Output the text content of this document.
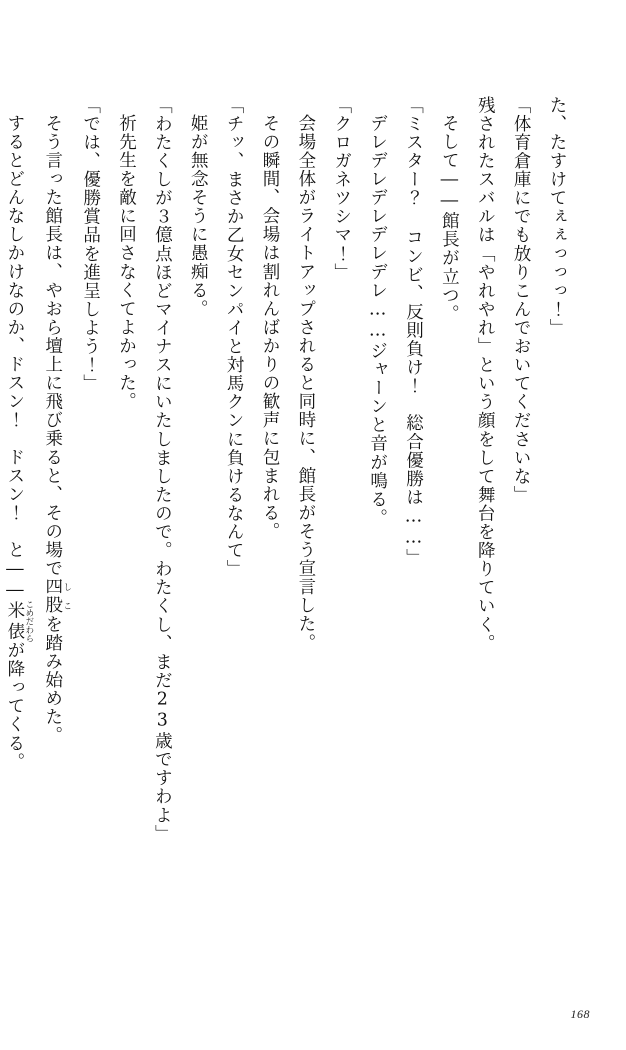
た、たすけてぇぇっっっ！」

「体育倉庫にでも放りこんでおいてくださいな」

残されたスバルは「やれやれ」という顔をして舞台を降りていく。

そして――館長が立つ。

「ミスター？ コンビ、反則負け！　総合優勝は……」

デレデレデレデレデレ……ジャーンと音が鳴る。

「クロガネツシマ！」

会場全体がライトアップされると同時に、館長がそう宣言した。

その瞬間、会場は割れんばかりの歓声に包まれる。

「チッ、まさか乙女センパイと対馬クンに負けるなんて」

姫が無念そうに愚痴る。

「わたくしが３億点ほどマイナスにいたしましたので。わたくし、まだ23歳ですわよ」

祈先生を敵に回さなくてよかった。

「では、優勝賞品を進呈しよう！」

そう言った館長は、やおら壇上に飛び乗ると、その場で四股 しこを踏み始めた。

するとどんなしかけなのか、ドスン！　ドスン！　と――米俵 こめだわらが降ってくる。

168
